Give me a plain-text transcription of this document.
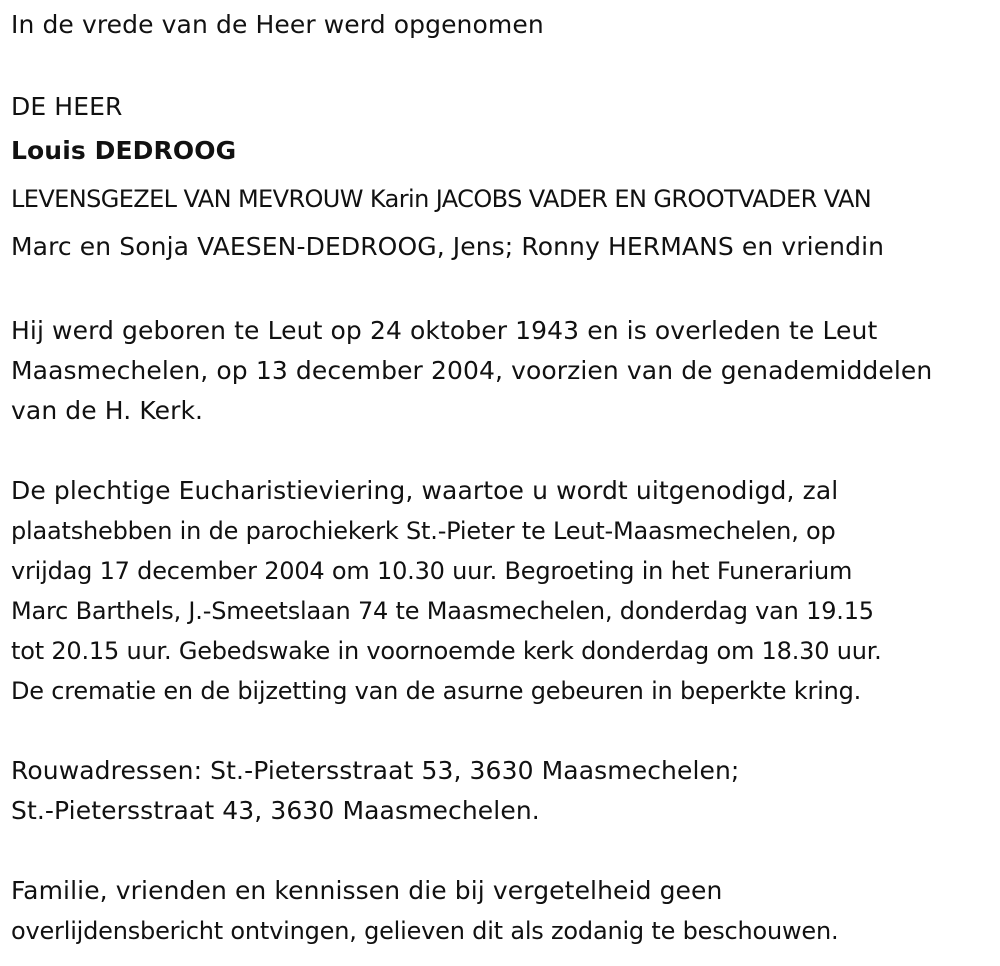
In de vrede van de Heer werd opgenomen
DE HEER
Louis DEDROOG
LEVENSGEZEL VAN MEVROUW Karin JACOBS VADER EN GROOTVADER VAN
Marc en Sonja VAESEN-DEDROOG, Jens; Ronny HERMANS en vriendin
Hij werd geboren te Leut op 24 oktober 1943 en is overleden te Leut
Maasmechelen, op 13 december 2004, voorzien van de genademiddelen
van de H. Kerk.
De plechtige Eucharistieviering, waartoe u wordt uitgenodigd, zal
plaatshebben in de parochiekerk St.-Pieter te Leut-Maasmechelen, op
vrijdag 17 december 2004 om 10.30 uur. Begroeting in het Funerarium
Marc Barthels, J.-Smeetslaan 74 te Maasmechelen, donderdag van 19.15
tot 20.15 uur. Gebedswake in voornoemde kerk donderdag om 18.30 uur.
De crematie en de bijzetting van de asurne gebeuren in beperkte kring.
Rouwadressen: St.-Pietersstraat 53, 3630 Maasmechelen;
St.-Pietersstraat 43, 3630 Maasmechelen.
Familie, vrienden en kennissen die bij vergetelheid geen
overlijdensbericht ontvingen, gelieven dit als zodanig te beschouwen.
